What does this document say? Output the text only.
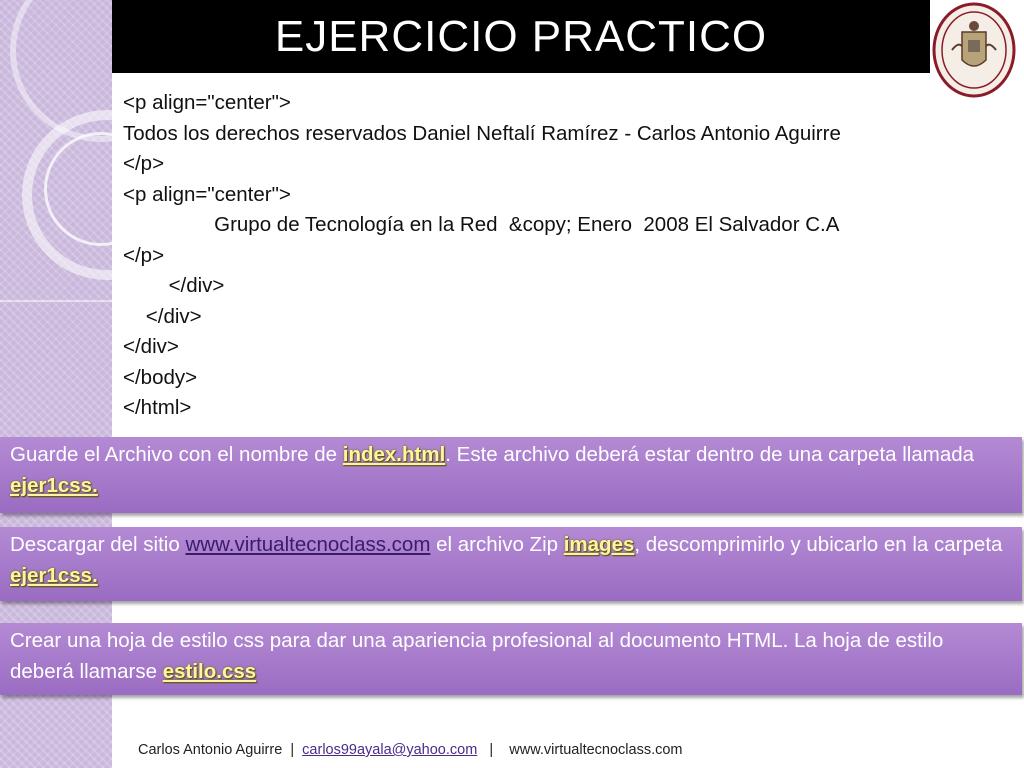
EJERCICIO PRACTICO
<p align="center">
Todos los derechos reservados Daniel Neftalí Ramírez - Carlos Antonio Aguirre
</p>
<p align="center">
Grupo de Tecnología en la Red  &copy; Enero  2008 El Salvador C.A
</p>
</div>
</div>
</div>
</body>
</html>
Guarde el Archivo con el nombre de index.html. Este archivo deberá estar dentro de una carpeta llamada ejer1css.
Descargar del sitio www.virtualtecnoclass.com el archivo Zip images, descomprimirlo y ubicarlo en la carpeta ejer1css.
Crear una hoja de estilo css para dar una apariencia profesional al documento HTML. La hoja de estilo deberá llamarse estilo.css
Carlos Antonio Aguirre  |  carlos99ayala@yahoo.com   |    www.virtualtecnoclass.com
